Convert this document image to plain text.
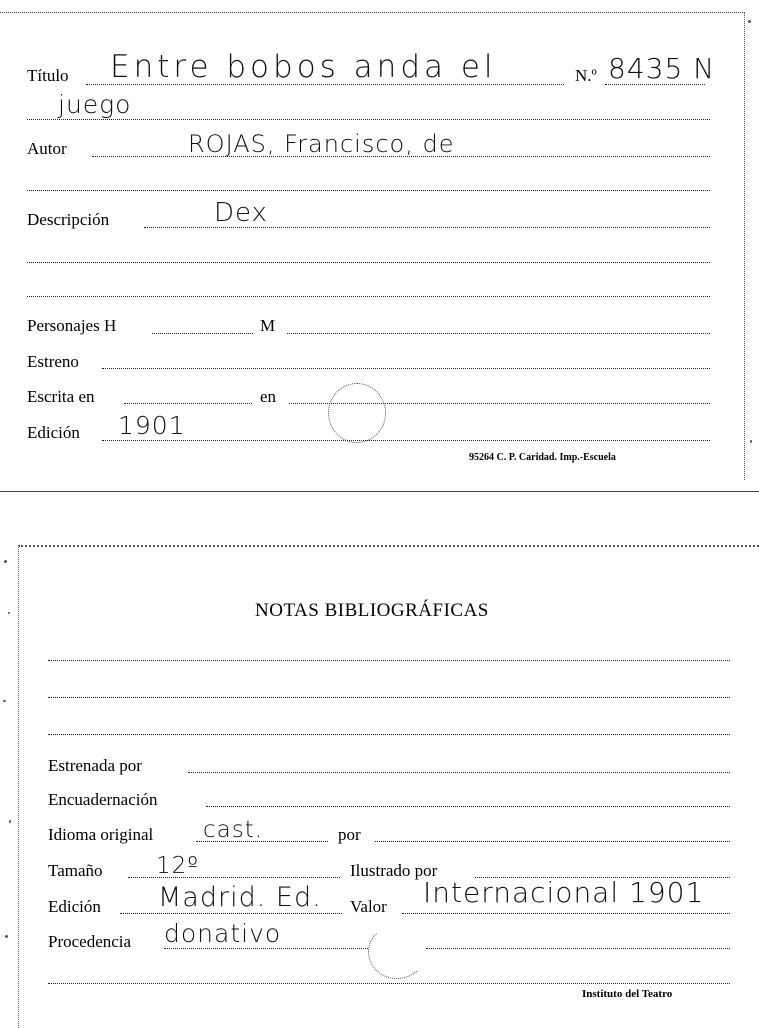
Título Entre bobos anda el	N.º 8435 N
juego
Autor	ROJAS, Francisco, de
Descripción	Dex
Personajes H	M
Estreno
Escrita en	en
Edición 1901
95264 C. P. Caridad. Imp.-Escuela
NOTAS BIBLIOGRÁFICAS
Estrenada por
Encuadernación
Idioma original cast.	por
Tamaño 12º	Ilustrado por
Edición Madrid. Ed. Valor Internacional 1901
Procedencia donativo
Instituto del Teatro
